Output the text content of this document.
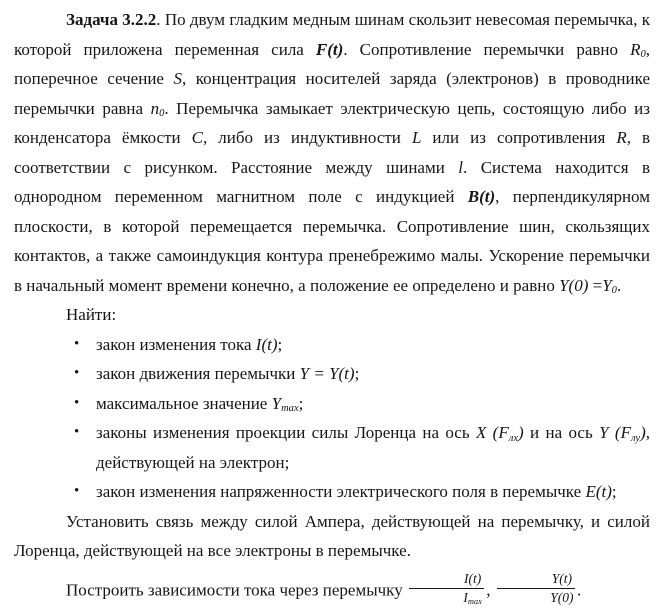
Задача 3.2.2. По двум гладким медным шинам скользит невесомая перемычка, к которой приложена переменная сила F(t). Сопротивление перемычки равно $R_0$, поперечное сечение S, концентрация носителей заряда (электронов) в проводнике перемычки равна $n_0$. Перемычка замыкает электрическую цепь, состоящую либо из конденсатора ёмкости C, либо из индуктивности L или из сопротивления R, в соответствии с рисунком. Расстояние между шинами l. Система находится в однородном переменном магнитном поле с индукцией B(t), перпендикулярном плоскости, в которой перемещается перемычка. Сопротивление шин, скользящих контактов, а также самоиндукция контура пренебрежимо малы. Ускорение перемычки в начальный момент времени конечно, а положение ее определено и равно $Y(0) =Y_0$.

Найти:

• закон изменения тока I(t);
• закон движения перемычки Y = Y(t);
• максимальное значение $Y_{max}$;
• законы изменения проекции силы Лоренца на ось X $(F_{лх})$ и на ось Y $(F_{лу})$, действующей на электрон;
• закон изменения напряженности электрического поля в перемычке E(t);

Установить связь между силой Ампера, действующей на перемычку, и силой Лоренца, действующей на все электроны в перемычке.

Построить зависимости тока через перемычку $\frac{I(t)}{I_{max}}$ , $\frac{Y(t)}{Y(0)}$ .
